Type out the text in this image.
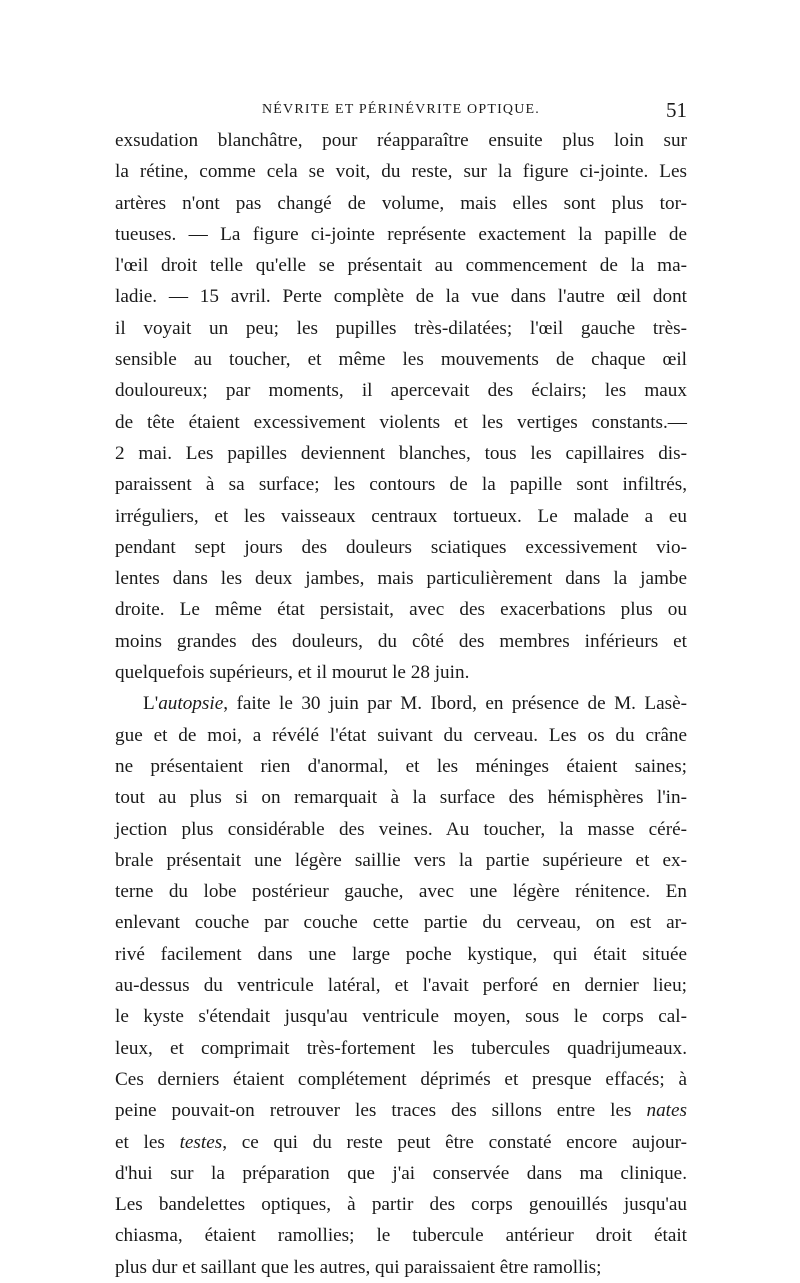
NÉVRITE ET PÉRINÉVRITE OPTIQUE.	51
exsudation blanchâtre, pour réapparaître ensuite plus loin sur
la rétine, comme cela se voit, du reste, sur la figure ci-jointe. Les
artères n'ont pas changé de volume, mais elles sont plus tor-
tueuses. — La figure ci-jointe représente exactement la papille de
l'œil droit telle qu'elle se présentait au commencement de la ma-
ladie. — 15 avril. Perte complète de la vue dans l'autre œil dont
il voyait un peu; les pupilles très-dilatées; l'œil gauche très-
sensible au toucher, et même les mouvements de chaque œil
douloureux; par moments, il apercevait des éclairs; les maux
de tête étaient excessivement violents et les vertiges constants.—
2 mai. Les papilles deviennent blanches, tous les capillaires dis-
paraissent à sa surface; les contours de la papille sont infiltrés,
irréguliers, et les vaisseaux centraux tortueux. Le malade a eu
pendant sept jours des douleurs sciatiques excessivement vio-
lentes dans les deux jambes, mais particulièrement dans la jambe
droite. Le même état persistait, avec des exacerbations plus ou
moins grandes des douleurs, du côté des membres inférieurs et
quelquefois supérieurs, et il mourut le 28 juin.
L'autopsie, faite le 30 juin par M. Ibord, en présence de M. Lasè-
gue et de moi, a révélé l'état suivant du cerveau. Les os du crâne
ne présentaient rien d'anormal, et les méninges étaient saines;
tout au plus si on remarquait à la surface des hémisphères l'in-
jection plus considérable des veines. Au toucher, la masse céré-
brale présentait une légère saillie vers la partie supérieure et ex-
terne du lobe postérieur gauche, avec une légère rénitence. En
enlevant couche par couche cette partie du cerveau, on est ar-
rivé facilement dans une large poche kystique, qui était située
au-dessus du ventricule latéral, et l'avait perforé en dernier lieu;
le kyste s'étendait jusqu'au ventricule moyen, sous le corps cal-
leux, et comprimait très-fortement les tubercules quadrijumeaux.
Ces derniers étaient complétement déprimés et presque effacés; à
peine pouvait-on retrouver les traces des sillons entre les nates
et les testes, ce qui du reste peut être constaté encore aujour-
d'hui sur la préparation que j'ai conservée dans ma clinique.
Les bandelettes optiques, à partir des corps genouillés jusqu'au
chiasma, étaient ramollies; le tubercule antérieur droit était
plus dur et saillant que les autres, qui paraissaient être ramollis;
